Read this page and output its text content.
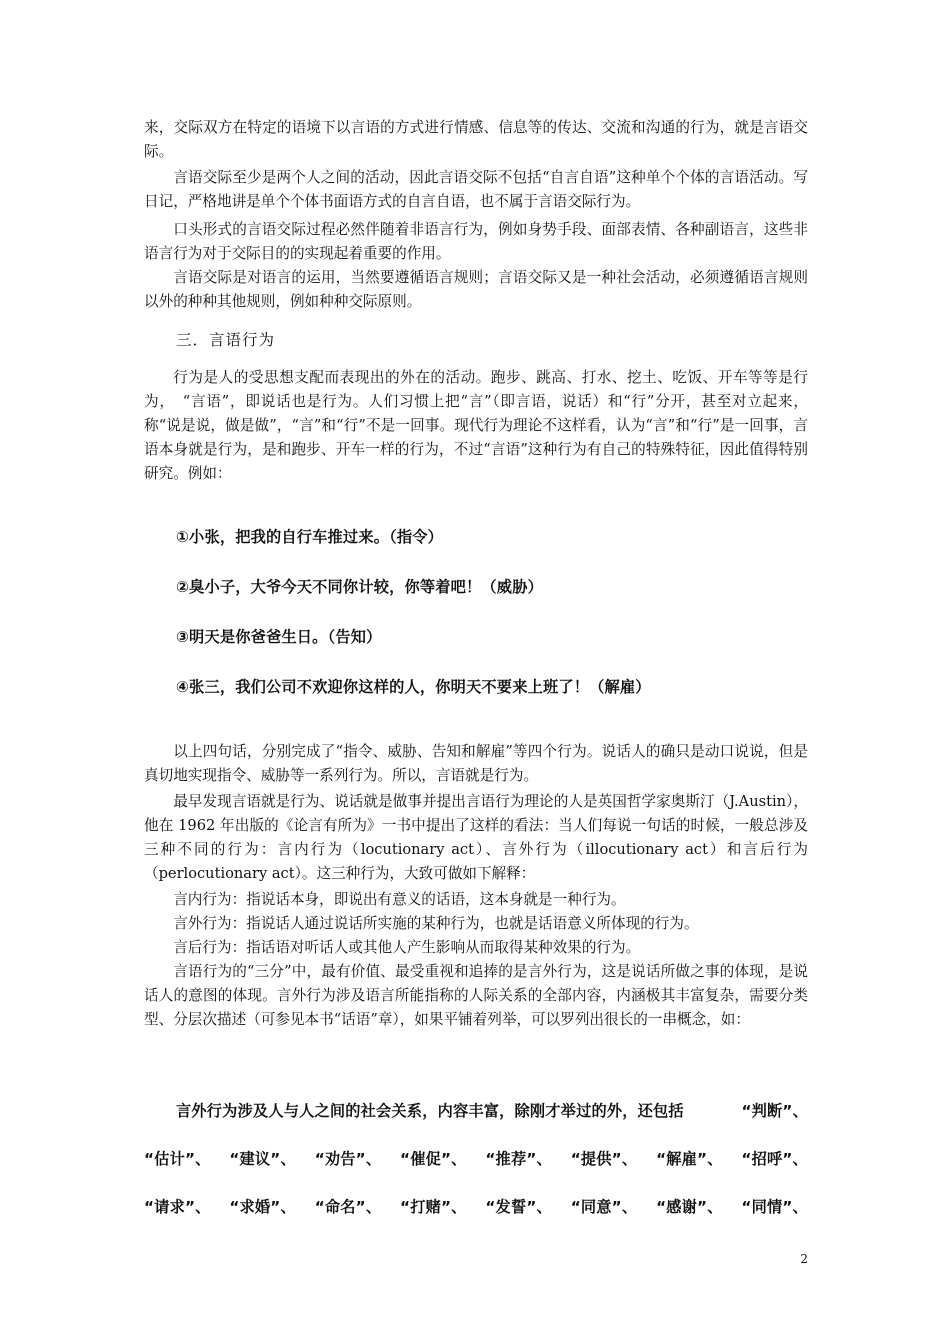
来，交际双方在特定的语境下以言语的方式进行情感、信息等的传达、交流和沟通的行为，就是言语交际。

言语交际至少是两个人之间的活动，因此言语交际不包括“自言自语”这种单个个体的言语活动。写日记，严格地讲是单个个体书面语方式的自言自语，也不属于言语交际行为。

口头形式的言语交际过程必然伴随着非语言行为，例如身势手段、面部表情、各种副语言，这些非语言行为对于交际目的的实现起着重要的作用。

言语交际是对语言的运用，当然要遵循语言规则；言语交际又是一种社会活动，必须遵循语言规则以外的种种其他规则，例如种种交际原则。

三．言语行为

行为是人的受思想支配而表现出的外在的活动。跑步、跳高、打水、挖土、吃饭、开车等等是行为，　“言语”，即说话也是行为。人们习惯上把“言”（即言语，说话）和“行”分开，甚至对立起来，称“说是说，做是做”，“言”和“行”不是一回事。现代行为理论不这样看，认为“言”和“行”是一回事，言语本身就是行为，是和跑步、开车一样的行为，不过“言语”这种行为有自己的特殊特征，因此值得特别研究。例如：

①小张，把我的自行车推过来。（指令）

②臭小子，大爷今天不同你计较，你等着吧！（威胁）

③明天是你爸爸生日。（告知）

④张三，我们公司不欢迎你这样的人，你明天不要来上班了！（解雇）

以上四句话，分别完成了“指令、威胁、告知和解雇”等四个行为。说话人的确只是动口说说，但是真切地实现指令、威胁等一系列行为。所以，言语就是行为。

最早发现言语就是行为、说话就是做事并提出言语行为理论的人是英国哲学家奥斯汀（J.Austin），他在 1962 年出版的《论言有所为》一书中提出了这样的看法：当人们每说一句话的时候，一般总涉及三种不同的行为：言内行为（locutionary act）、言外行为（illocutionary act）和言后行为（perlocutionary act）。这三种行为，大致可做如下解释：

言内行为：指说话本身，即说出有意义的话语，这本身就是一种行为。

言外行为：指说话人通过说话所实施的某种行为，也就是话语意义所体现的行为。

言后行为：指话语对听话人或其他人产生影响从而取得某种效果的行为。

言语行为的“三分”中，最有价值、最受重视和追捧的是言外行为，这是说话所做之事的体现，是说话人的意图的体现。言外行为涉及语言所能指称的人际关系的全部内容，内涵极其丰富复杂，需要分类型、分层次描述（可参见本书“话语”章），如果平铺着列举，可以罗列出很长的一串概念，如：

言外行为涉及人与人之间的社会关系，内容丰富，除刚才举过的外，还包括	“判断”、
“估计”、 “建议”、 “劝告”、 “催促”、 “推荐”、 “提供”、 “解雇”、 “招呼”、
“请求”、 “求婚”、 “命名”、 “打赌”、 “发誓”、 “同意”、 “感谢”、 “同情”、
2
